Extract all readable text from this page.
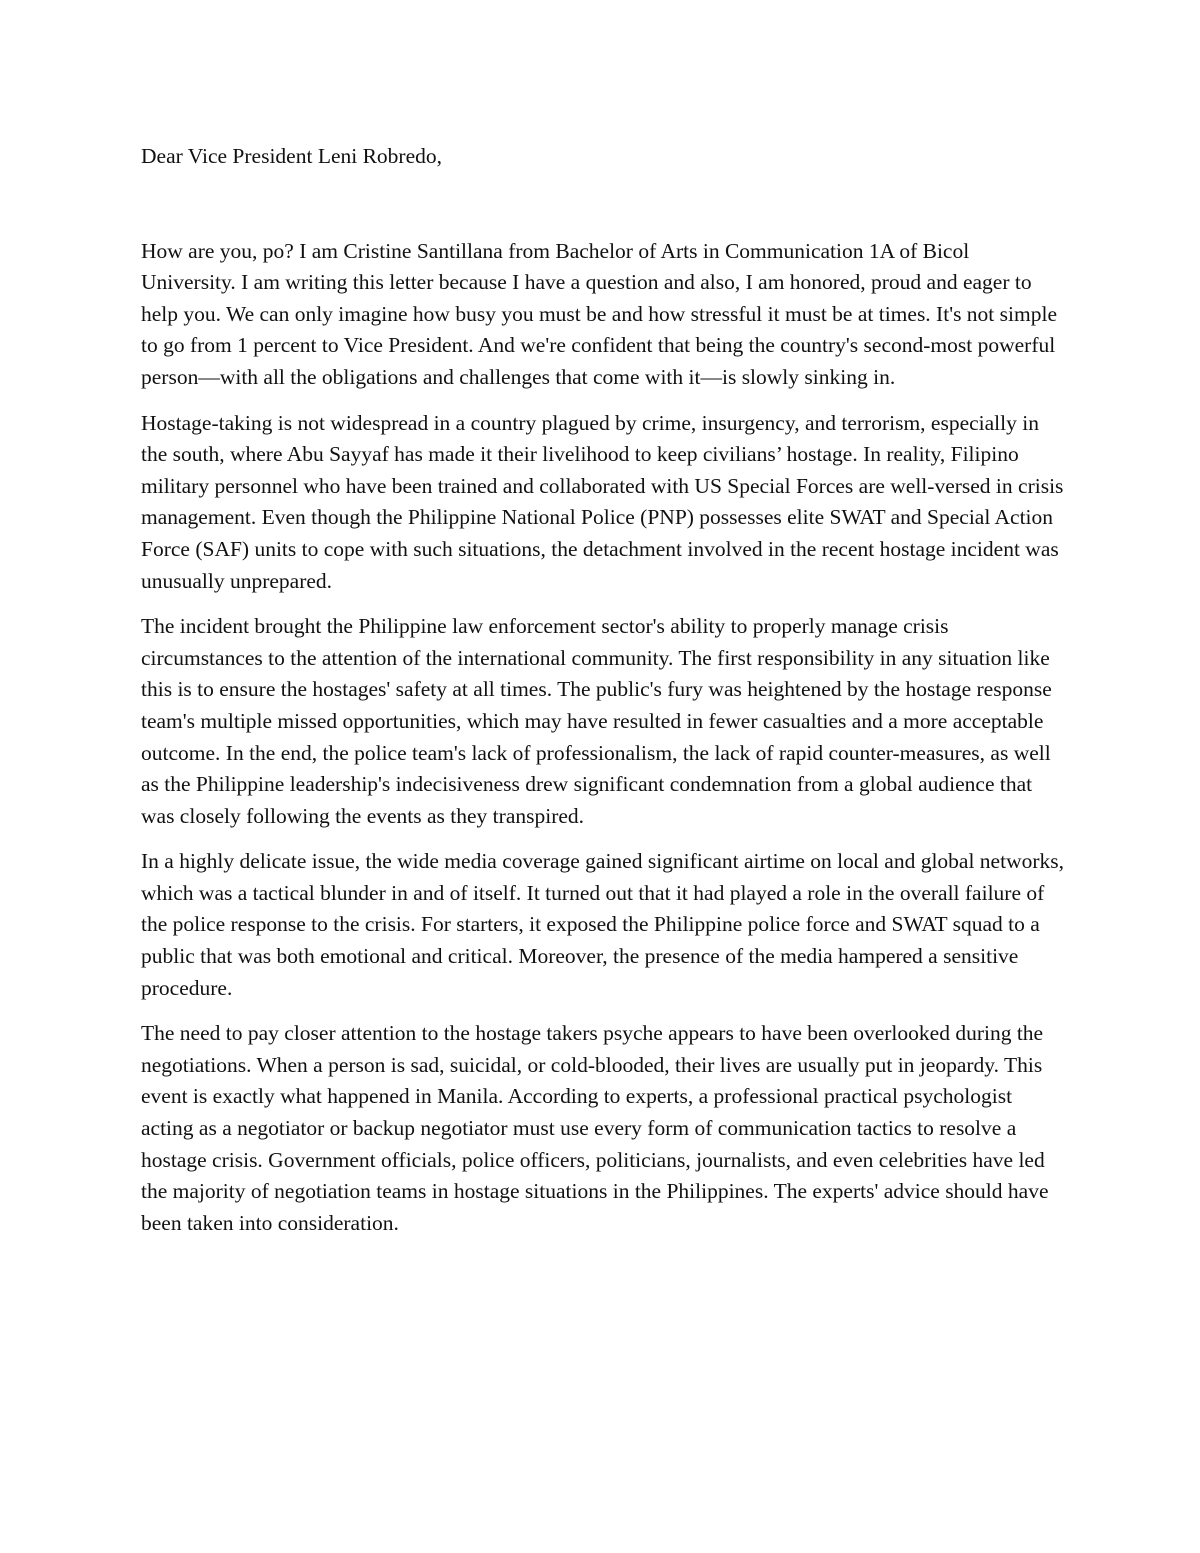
Dear Vice President Leni Robredo,

How are you, po? I am Cristine Santillana from Bachelor of Arts in Communication 1A of Bicol University. I am writing this letter because I have a question and also, I am honored, proud and eager to help you. We can only imagine how busy you must be and how stressful it must be at times. It's not simple to go from 1 percent to Vice President. And we're confident that being the country's second-most powerful person—with all the obligations and challenges that come with it—is slowly sinking in.

Hostage-taking is not widespread in a country plagued by crime, insurgency, and terrorism, especially in the south, where Abu Sayyaf has made it their livelihood to keep civilians’ hostage. In reality, Filipino military personnel who have been trained and collaborated with US Special Forces are well-versed in crisis management. Even though the Philippine National Police (PNP) possesses elite SWAT and Special Action Force (SAF) units to cope with such situations, the detachment involved in the recent hostage incident was unusually unprepared.

The incident brought the Philippine law enforcement sector's ability to properly manage crisis circumstances to the attention of the international community. The first responsibility in any situation like this is to ensure the hostages' safety at all times. The public's fury was heightened by the hostage response team's multiple missed opportunities, which may have resulted in fewer casualties and a more acceptable outcome. In the end, the police team's lack of professionalism, the lack of rapid counter-measures, as well as the Philippine leadership's indecisiveness drew significant condemnation from a global audience that was closely following the events as they transpired.

In a highly delicate issue, the wide media coverage gained significant airtime on local and global networks, which was a tactical blunder in and of itself. It turned out that it had played a role in the overall failure of the police response to the crisis. For starters, it exposed the Philippine police force and SWAT squad to a public that was both emotional and critical. Moreover, the presence of the media hampered a sensitive procedure.

The need to pay closer attention to the hostage takers psyche appears to have been overlooked during the negotiations. When a person is sad, suicidal, or cold-blooded, their lives are usually put in jeopardy. This event is exactly what happened in Manila. According to experts, a professional practical psychologist acting as a negotiator or backup negotiator must use every form of communication tactics to resolve a hostage crisis. Government officials, police officers, politicians, journalists, and even celebrities have led the majority of negotiation teams in hostage situations in the Philippines. The experts' advice should have been taken into consideration.
